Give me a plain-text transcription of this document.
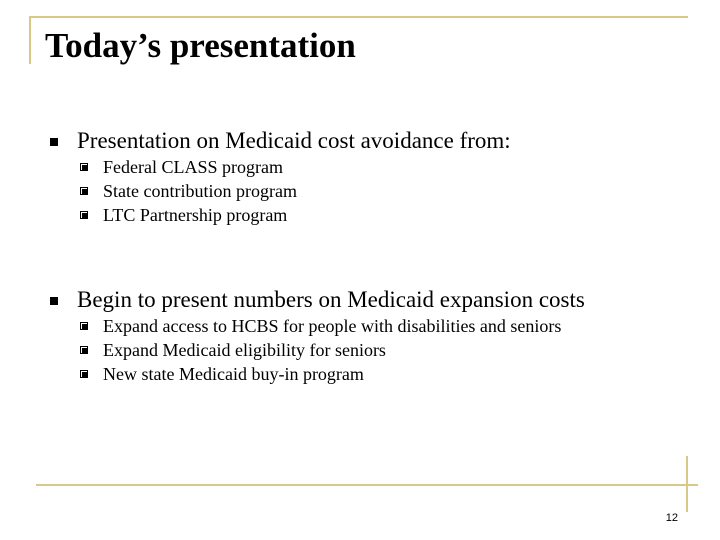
Today’s presentation
Presentation on Medicaid cost avoidance from:
Federal CLASS program
State contribution program
LTC Partnership program
Begin to present numbers on Medicaid expansion costs
Expand access to HCBS for people with disabilities and seniors
Expand Medicaid eligibility for seniors
New state Medicaid buy-in program
12
